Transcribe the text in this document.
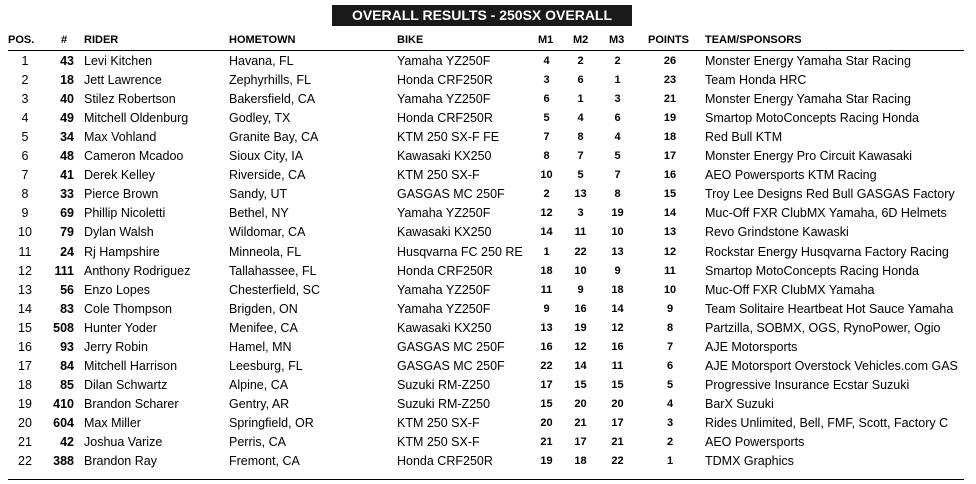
OVERALL RESULTS - 250SX OVERALL
POS. # RIDER	HOMETOWN	BIKE	M1 M2 M3 POINTS TEAM/SPONSORS
1	43 Levi Kitchen	Havana, FL	Yamaha YZ250F	4	2	2	26	Monster Energy Yamaha Star Racing
2	18 Jett Lawrence	Zephyrhills, FL	Honda CRF250R	3	6	1	23	Team Honda HRC
3	40 Stilez Robertson	Bakersfield, CA	Yamaha YZ250F	6	1	3	21	Monster Energy Yamaha Star Racing
4	49 Mitchell Oldenburg	Godley, TX	Honda CRF250R	5	4	6	19	Smartop MotoConcepts Racing Honda
5	34 Max Vohland	Granite Bay, CA	KTM 250 SX-F FE	7	8	4	18	Red Bull KTM
6	48 Cameron Mcadoo	Sioux City, IA	Kawasaki KX250	8	7	5	17	Monster Energy Pro Circuit Kawasaki
7	41 Derek Kelley	Riverside, CA	KTM 250 SX-F	10	5	7	16	AEO Powersports KTM Racing
8	33 Pierce Brown	Sandy, UT	GASGAS MC 250F	2	13	8	15	Troy Lee Designs Red Bull GASGAS Factory
9	69 Phillip Nicoletti	Bethel, NY	Yamaha YZ250F	12	3	19	14	Muc-Off FXR ClubMX Yamaha, 6D Helmets
10	79 Dylan Walsh	Wildomar, CA	Kawasaki KX250	14	11	10	13	Revo Grindstone Kawaski
11	24 Rj Hampshire	Minneola, FL	Husqvarna FC 250 RE	1	22	13	12	Rockstar Energy Husqvarna Factory Racing
12	111 Anthony Rodriguez	Tallahassee, FL	Honda CRF250R	18	10	9	11	Smartop MotoConcepts Racing Honda
13	56 Enzo Lopes	Chesterfield, SC	Yamaha YZ250F	11	9	18	10	Muc-Off FXR ClubMX Yamaha
14	83 Cole Thompson	Brigden, ON	Yamaha YZ250F	9	16	14	9	Team Solitaire Heartbeat Hot Sauce Yamaha
15	508 Hunter Yoder	Menifee, CA	Kawasaki KX250	13	19	12	8	Partzilla, SOBMX, OGS, RynoPower, Ogio
16	93 Jerry Robin	Hamel, MN	GASGAS MC 250F	16	12	16	7	AJE Motorsports
17	84 Mitchell Harrison	Leesburg, FL	GASGAS MC 250F	22	14	11	6	AJE Motorsport Overstock Vehicles.com GAS
18	85 Dilan Schwartz	Alpine, CA	Suzuki RM-Z250	17	15	15	5	Progressive Insurance Ecstar Suzuki
19	410 Brandon Scharer	Gentry, AR	Suzuki RM-Z250	15	20	20	4	BarX Suzuki
20	604 Max Miller	Springfield, OR	KTM 250 SX-F	20	21	17	3	Rides Unlimited, Bell, FMF, Scott, Factory C
21	42 Joshua Varize	Perris, CA	KTM 250 SX-F	21	17	21	2	AEO Powersports
22	388 Brandon Ray	Fremont, CA	Honda CRF250R	19	18	22	1	TDMX Graphics
